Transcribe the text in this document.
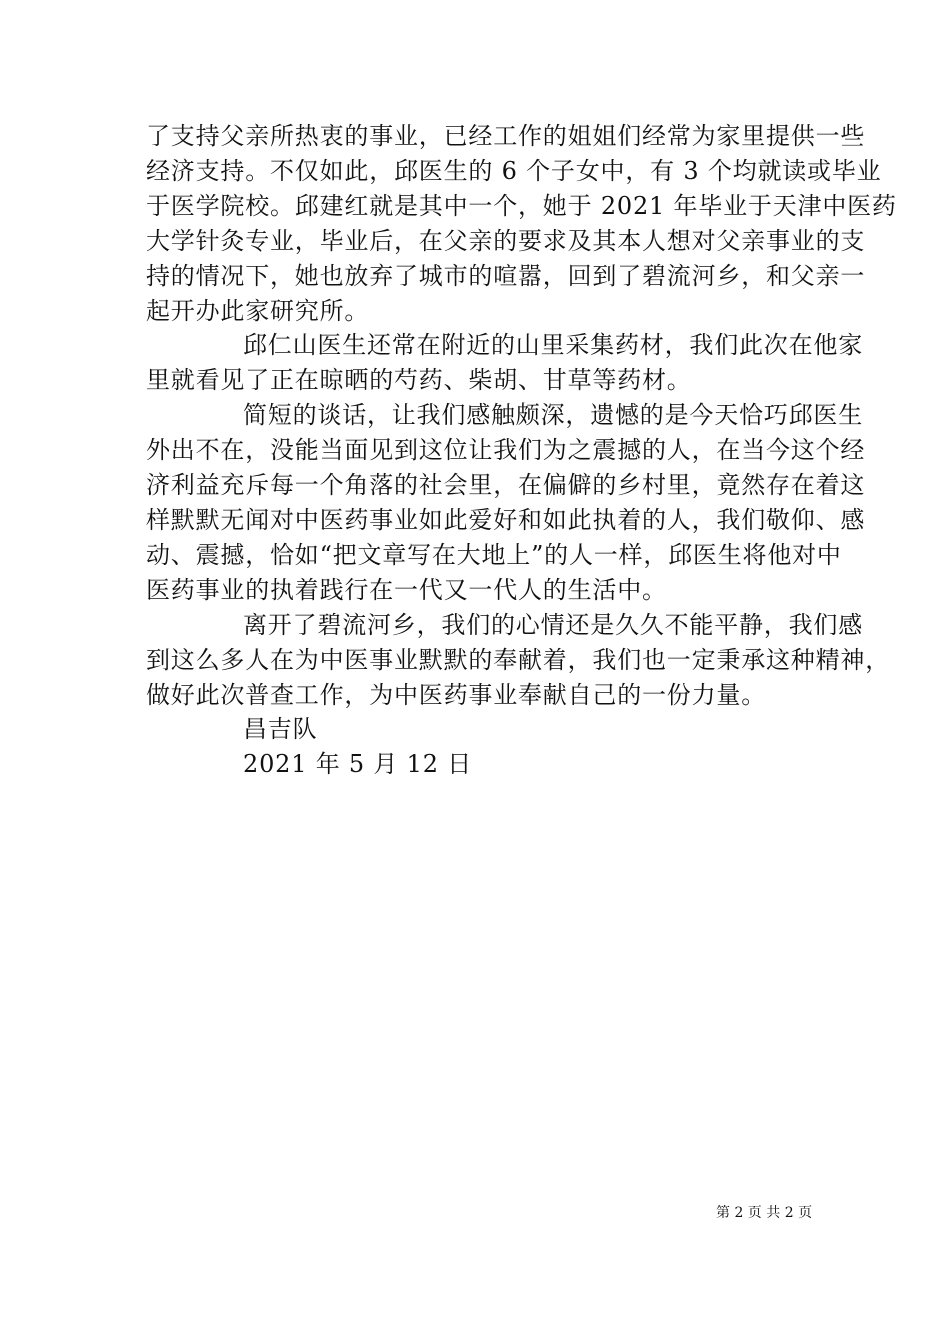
了支持父亲所热衷的事业，已经工作的姐姐们经常为家里提供一些
经济支持。不仅如此，邱医生的 6 个子女中，有 3 个均就读或毕业
于医学院校。邱建红就是其中一个，她于 2021 年毕业于天津中医药
大学针灸专业，毕业后，在父亲的要求及其本人想对父亲事业的支
持的情况下，她也放弃了城市的喧嚣，回到了碧流河乡，和父亲一
起开办此家研究所。
邱仁山医生还常在附近的山里采集药材，我们此次在他家
里就看见了正在晾晒的芍药、柴胡、甘草等药材。
简短的谈话，让我们感触颇深，遗憾的是今天恰巧邱医生
外出不在，没能当面见到这位让我们为之震撼的人，在当今这个经
济利益充斥每一个角落的社会里，在偏僻的乡村里，竟然存在着这
样默默无闻对中医药事业如此爱好和如此执着的人，我们敬仰、感
动、震撼，恰如“把文章写在大地上”的人一样，邱医生将他对中
医药事业的执着践行在一代又一代人的生活中。
离开了碧流河乡，我们的心情还是久久不能平静，我们感
到这么多人在为中医事业默默的奉献着，我们也一定秉承这种精神，
做好此次普查工作，为中医药事业奉献自己的一份力量。
昌吉队
2021 年 5 月 12 日
第 2 页 共 2 页
